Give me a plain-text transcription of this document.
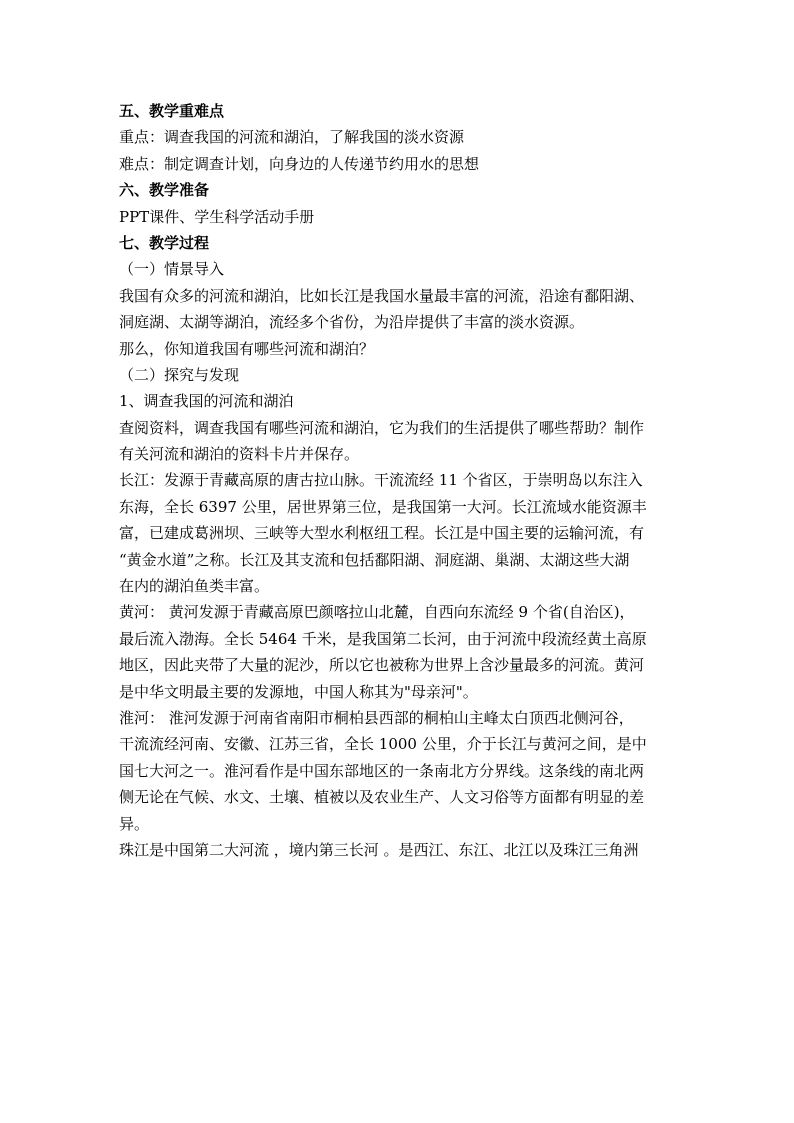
五、教学重难点
重点：调查我国的河流和湖泊，了解我国的淡水资源
难点：制定调查计划，向身边的人传递节约用水的思想
六、教学准备
PPT课件、学生科学活动手册
七、教学过程
（一）情景导入
我国有众多的河流和湖泊，比如长江是我国水量最丰富的河流，沿途有鄱阳湖、
洞庭湖、太湖等湖泊，流经多个省份，为沿岸提供了丰富的淡水资源。
那么，你知道我国有哪些河流和湖泊？
（二）探究与发现
1、调查我国的河流和湖泊
查阅资料，调查我国有哪些河流和湖泊，它为我们的生活提供了哪些帮助？制作
有关河流和湖泊的资料卡片并保存。
长江：发源于青藏高原的唐古拉山脉。干流流经 11 个省区，于崇明岛以东注入
东海，全长 6397 公里，居世界第三位，是我国第一大河。长江流域水能资源丰
富，已建成葛洲坝、三峡等大型水利枢纽工程。长江是中国主要的运输河流，有
“黄金水道”之称。长江及其支流和包括鄱阳湖、洞庭湖、巢湖、太湖这些大湖
在内的湖泊鱼类丰富。
黄河： 黄河发源于青藏高原巴颜喀拉山北麓，自西向东流经 9 个省(自治区)，
最后流入渤海。全长 5464 千米，是我国第二长河，由于河流中段流经黄土高原
地区，因此夹带了大量的泥沙，所以它也被称为世界上含沙量最多的河流。黄河
是中华文明最主要的发源地，中国人称其为"母亲河"。
淮河： 淮河发源于河南省南阳市桐柏县西部的桐柏山主峰太白顶西北侧河谷，
干流流经河南、安徽、江苏三省，全长 1000 公里，介于长江与黄河之间，是中
国七大河之一。淮河看作是中国东部地区的一条南北方分界线。这条线的南北两
侧无论在气候、水文、土壤、植被以及农业生产、人文习俗等方面都有明显的差
异。
珠江是中国第二大河流 ，境内第三长河 。是西江、东江、北江以及珠江三角洲
